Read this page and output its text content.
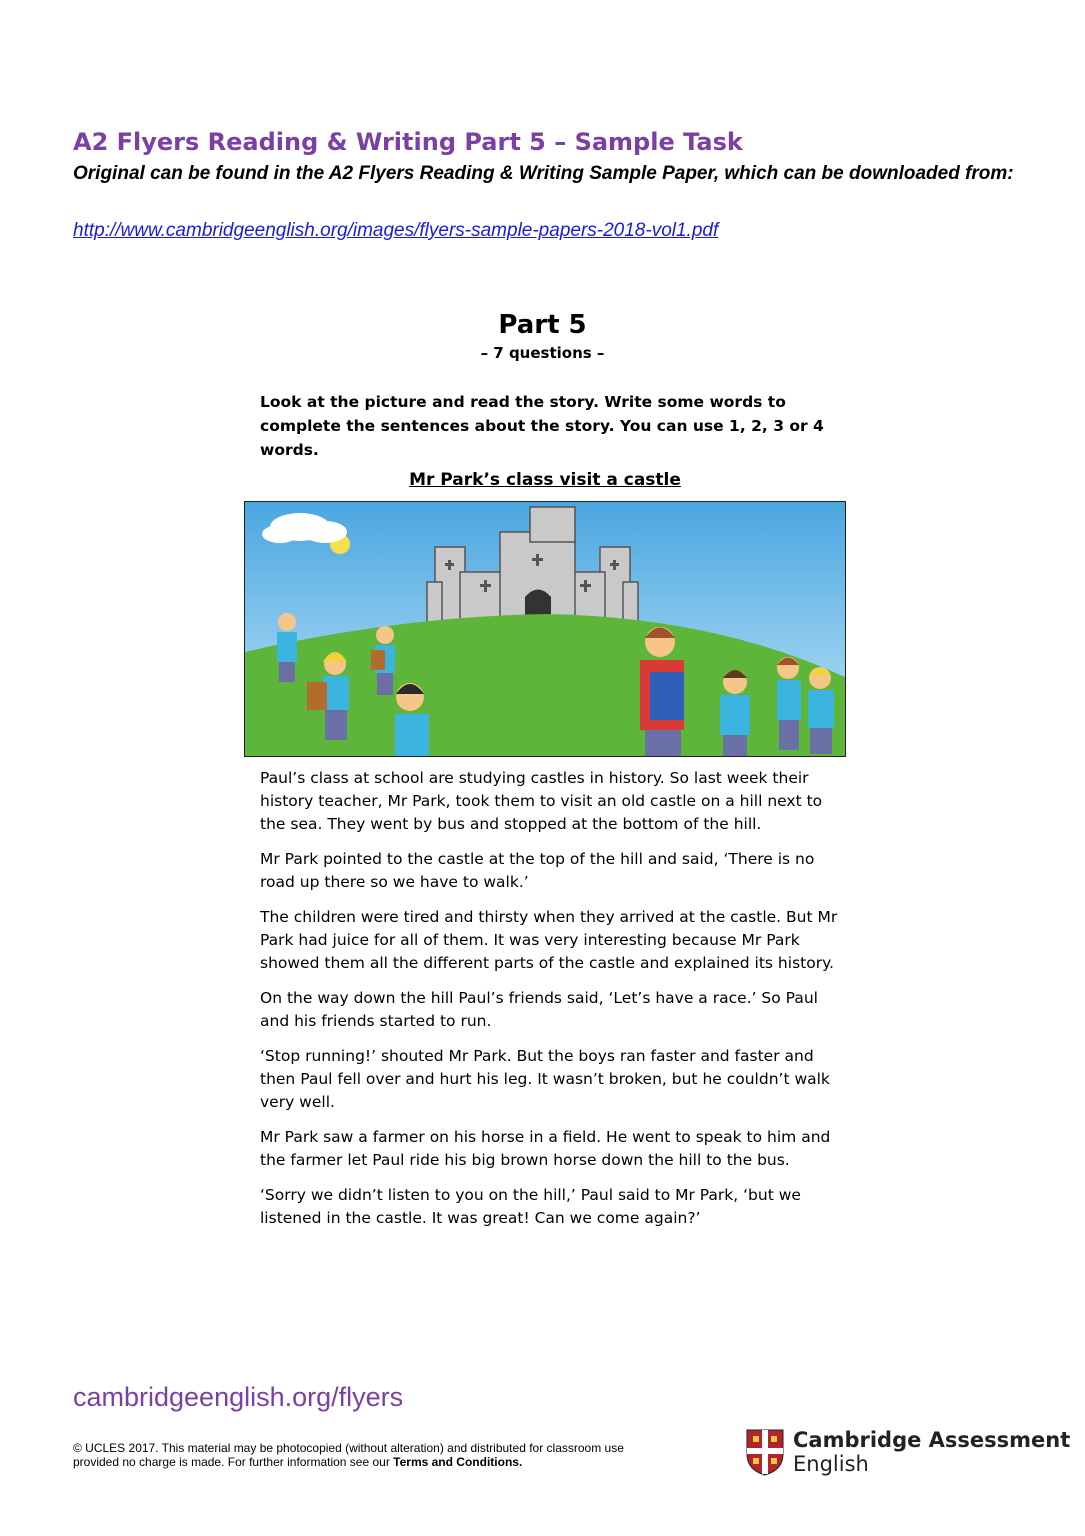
A2 Flyers Reading & Writing Part 5 – Sample Task
Original can be found in the A2 Flyers Reading & Writing Sample Paper, which can be downloaded from:
http://www.cambridgeenglish.org/images/flyers-sample-papers-2018-vol1.pdf
Part 5
– 7 questions –
Look at the picture and read the story. Write some words to complete the sentences about the story. You can use 1, 2, 3 or 4 words.
Mr Park’s class visit a castle

Paul’s class at school are studying castles in history. So last week their history teacher, Mr Park, took them to visit an old castle on a hill next to the sea. They went by bus and stopped at the bottom of the hill.

Mr Park pointed to the castle at the top of the hill and said, ‘There is no road up there so we have to walk.’

The children were tired and thirsty when they arrived at the castle. But Mr Park had juice for all of them. It was very interesting because Mr Park showed them all the different parts of the castle and explained its history.

On the way down the hill Paul’s friends said, ‘Let’s have a race.’ So Paul and his friends started to run.

‘Stop running!’ shouted Mr Park. But the boys ran faster and faster and then Paul fell over and hurt his leg. It wasn’t broken, but he couldn’t walk very well.

Mr Park saw a farmer on his horse in a field. He went to speak to him and the farmer let Paul ride his big brown horse down the hill to the bus.

‘Sorry we didn’t listen to you on the hill,’ Paul said to Mr Park, ‘but we listened in the castle. It was great! Can we come again?’

cambridgeenglish.org/flyers
© UCLES 2017. This material may be photocopied (without alteration) and distributed for classroom use provided no charge is made. For further information see our Terms and Conditions.
Cambridge Assessment
English
